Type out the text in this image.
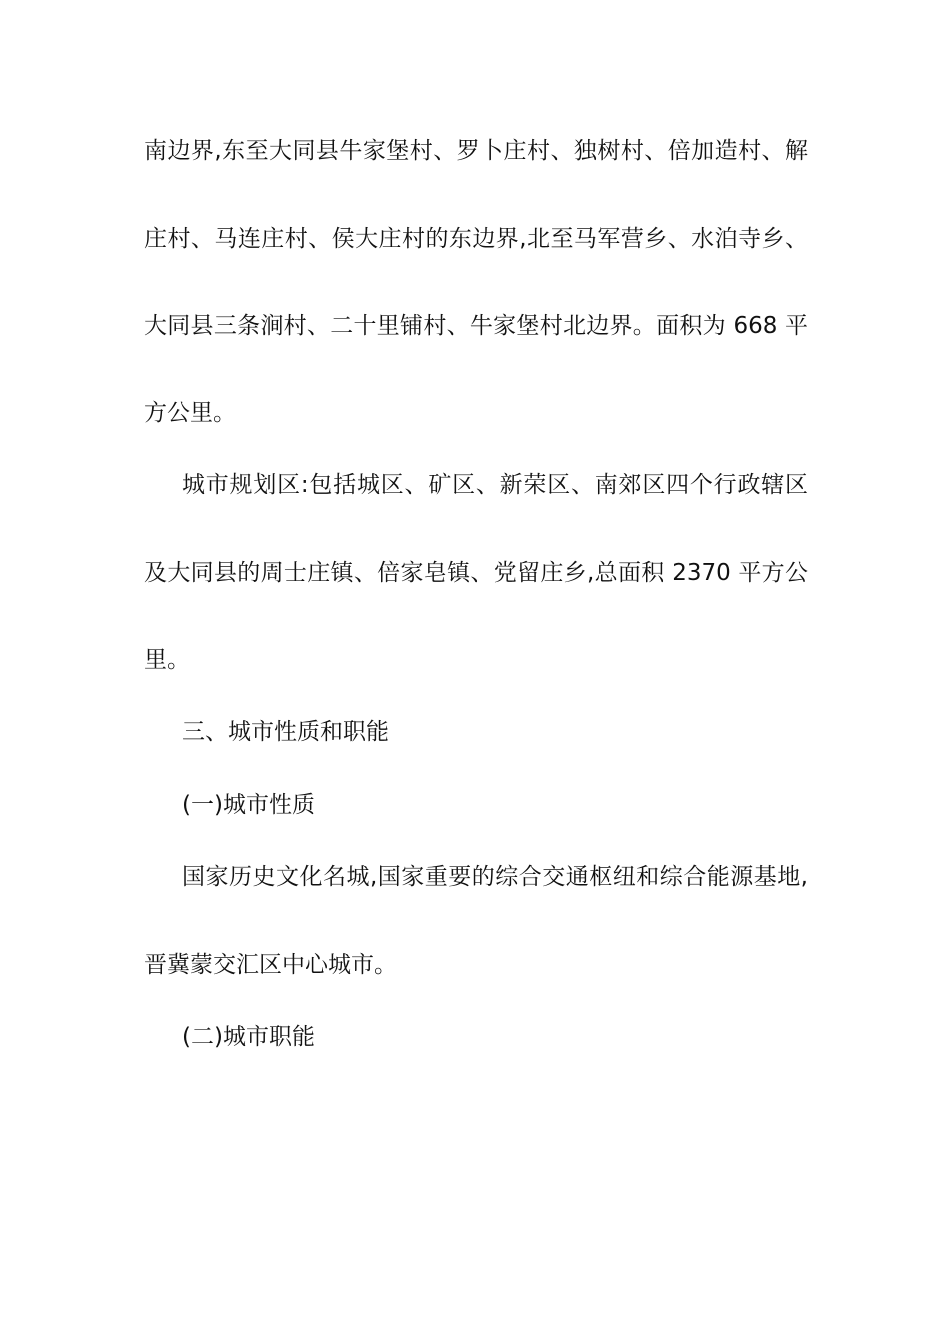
南边界,东至大同县牛家堡村、罗卜庄村、独树村、倍加造村、解
庄村、马连庄村、侯大庄村的东边界,北至马军营乡、水泊寺乡、
大同县三条涧村、二十里铺村、牛家堡村北边界。面积为 668 平
方公里。
城市规划区:包括城区、矿区、新荣区、南郊区四个行政辖区
及大同县的周士庄镇、倍家皂镇、党留庄乡,总面积 2370 平方公
里。
三、城市性质和职能
(一)城市性质
国家历史文化名城,国家重要的综合交通枢纽和综合能源基地,
晋冀蒙交汇区中心城市。
(二)城市职能
